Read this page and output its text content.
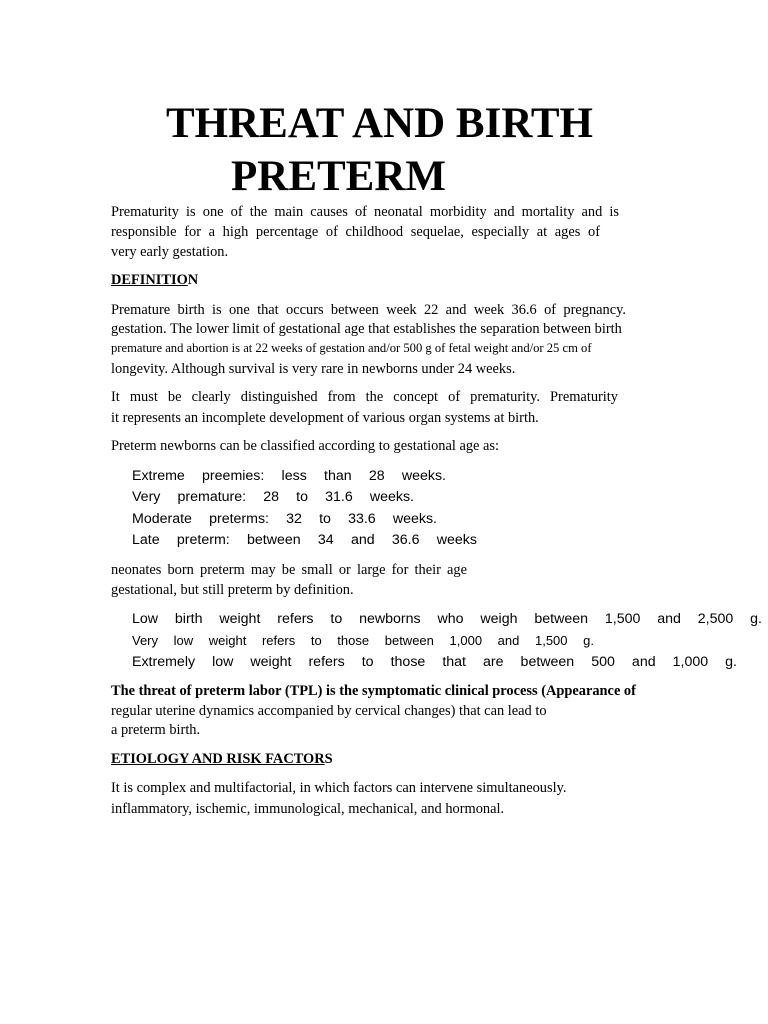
THREAT AND BIRTH
PRETERM
Prematurity is one of the main causes of neonatal morbidity and mortality and is
responsible for a high percentage of childhood sequelae, especially at ages of
very early gestation.
DEFINITION
Premature birth is one that occurs between week 22 and week 36.6 of pregnancy.
gestation. The lower limit of gestational age that establishes the separation between birth
premature and abortion is at 22 weeks of gestation and/or 500 g of fetal weight and/or 25 cm of
longevity. Although survival is very rare in newborns under 24 weeks.
It must be clearly distinguished from the concept of prematurity. Prematurity
it represents an incomplete development of various organ systems at birth.
Preterm newborns can be classified according to gestational age as:
Extreme preemies: less than 28 weeks.
Very premature: 28 to 31.6 weeks.
Moderate preterms: 32 to 33.6 weeks.
Late preterm: between 34 and 36.6 weeks
neonates born preterm may be small or large for their age
gestational, but still preterm by definition.
Low birth weight refers to newborns who weigh between 1,500 and 2,500 g.
Very low weight refers to those between 1,000 and 1,500 g.
Extremely low weight refers to those that are between 500 and 1,000 g.
The threat of preterm labor (TPL) is the symptomatic clinical process (Appearance of
regular uterine dynamics accompanied by cervical changes) that can lead to
a preterm birth.
ETIOLOGY AND RISK FACTORS
It is complex and multifactorial, in which factors can intervene simultaneously.
inflammatory, ischemic, immunological, mechanical, and hormonal.
